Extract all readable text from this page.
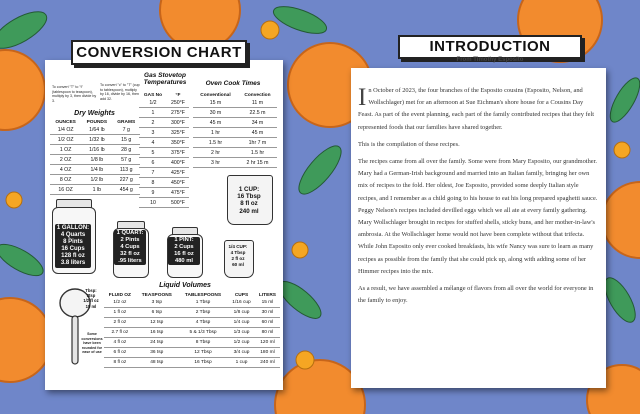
CONVERSION CHART
To convert "T" to "t" (tablespoon to teaspoon), multiply by 3, then divide by 3.
To convert "c" to "T" (cup to tablespoon), multiply by 16, divide by 16, then add 32.
Dry Weights
OUNCES	POUNDS	GRAMS
1/4 OZ	1/64 lb	7 g
1/2 OZ	1/32 lb	15 g
1 OZ	1/16 lb	28 g
2 OZ	1/8 lb	57 g
4 OZ	1/4 lb	113 g
8 OZ	1/2 lb	227 g
16 OZ	1 lb	454 g
Gas Stovetop Temperatures
GAS No	°F
1/2	250°F
1	275°F
2	300°F
3	325°F
4	350°F
5	375°F
6	400°F
7	425°F
8	450°F
9	475°F
10	500°F
Oven Cook Times
Conventional	Convection
15 m	11 m
30 m	22.5 m
45 m	34 m
1 hr	45 m
1.5 hr	1hr 7 m
2 hr	1.5 hr
3 hr	2 hr 15 m
1 CUP:
16 Tbsp
8 fl oz
240 ml
1/4 CUP:
4 Tbsp
2 fl oz
60 ml
1 GALLON:
4 Quarts
8 Pints
16 Cups
128 fl oz
3.8 liters
1 QUART:
2 Pints
4 Cups
32 fl oz
.95 liters
1 PINT:
2 Cups
16 fl oz
480 ml
Tbsp:
3tsp
1/2 fl oz
15 ml
Some conversions have been rounded for ease of use
Liquid Volumes
FLUID OZ	TEASPOONS	TABLESPOONS	CUPS	LITERS
1/2 oz	3 tsp	1 Tbsp	1/16 cup	15 ml
1 fl oz	6 tsp	2 Tbsp	1/8 cup	30 ml
2 fl oz	12 tsp	4 Tbsp	1/4 cup	60 ml
2.7 fl oz	16 tsp	5 & 1/3 Tbsp	1/3 cup	80 ml
4 fl oz	24 tsp	8 Tbsp	1/2 cup	120 ml
6 fl oz	36 tsp	12 Tbsp	3/4 cup	180 ml
8 fl oz	48 tsp	16 Tbsp	1 cup	240 ml
INTRODUCTION
From Timothy Esposito

In October of 2023, the four branches of the Esposito cousins (Esposito, Nelson, and Wollschlager) met for an afternoon at Sue Eichman's shore house for a Cousins Day Feast. As part of the event planning, each part of the family contributed recipes that they felt represented foods that our families have shared together.

This is the compilation of these recipes.

The recipes came from all over the family. Some were from Mary Esposito, our grandmother. Mary had a German-Irish background and married into an Italian family, bringing her own mix of recipes to the fold. Her oldest, Joe Esposito, provided some deeply Italian style recipes, and I remember as a child going to his house to eat his long prepared spaghetti sauce. Peggy Nelson's recipes included devilled eggs which we all ate at every family gathering. Mary Wollschlager brought in recipes for stuffed shells, sticky buns, and her mother-in-law's ambrosia. At the Wollschlager home would not have been complete without that trifecta. While John Esposito only ever cooked breakfasts, his wife Nancy was sure to learn as many recipes as possible from the family that she could pick up, along with adding some of her Himmer recipes into the mix.

As a result, we have assembled a mélange of flavors from all over the world for everyone in the family to enjoy.
